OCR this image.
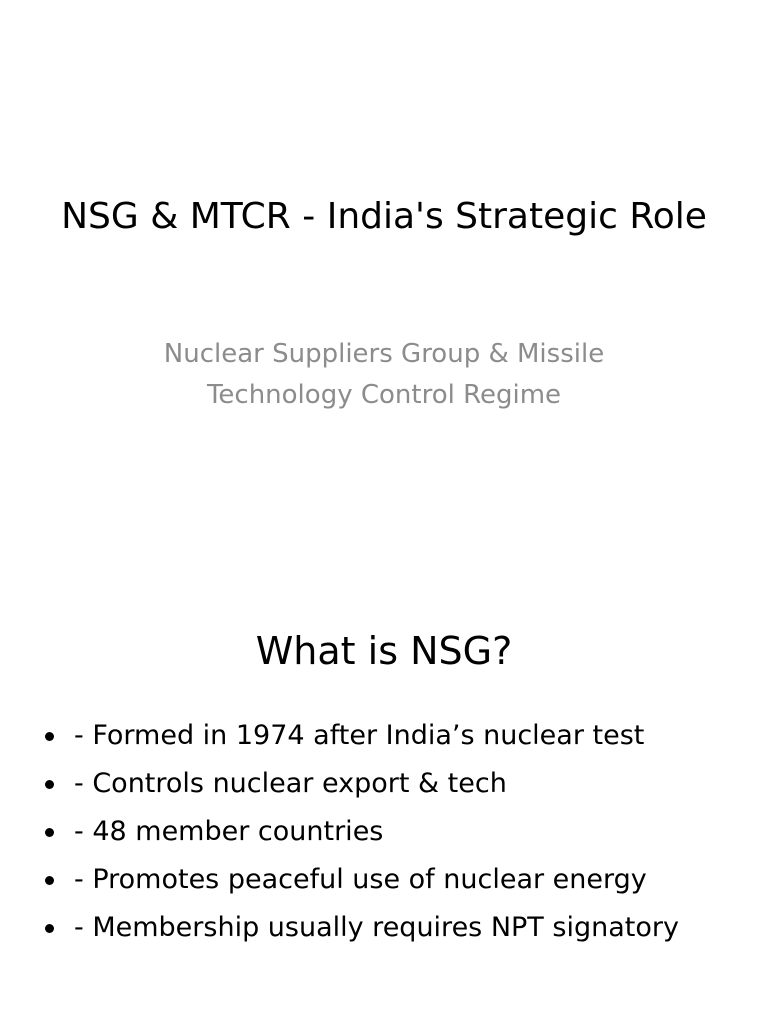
NSG & MTCR - India's Strategic Role

Nuclear Suppliers Group & Missile Technology Control Regime

What is NSG?
- Formed in 1974 after India’s nuclear test
- Controls nuclear export & tech
- 48 member countries
- Promotes peaceful use of nuclear energy
- Membership usually requires NPT signatory
